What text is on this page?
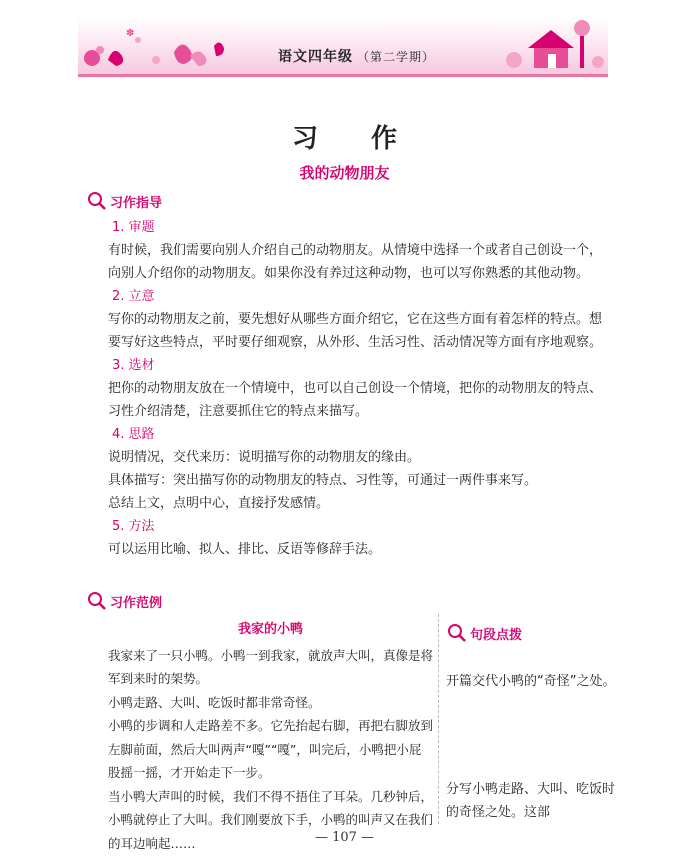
✽
语文四年级 （第二学期）
习 作
我的动物朋友
习作指导
1. 审题

有时候，我们需要向别人介绍自己的动物朋友。从情境中选择一个或者自己创设一个，向别人介绍你的动物朋友。如果你没有养过这种动物，也可以写你熟悉的其他动物。

2. 立意

写你的动物朋友之前，要先想好从哪些方面介绍它，它在这些方面有着怎样的特点。想要写好这些特点，平时要仔细观察，从外形、生活习性、活动情况等方面有序地观察。

3. 选材

把你的动物朋友放在一个情境中，也可以自己创设一个情境，把你的动物朋友的特点、习性介绍清楚，注意要抓住它的特点来描写。

4. 思路

说明情况，交代来历：说明描写你的动物朋友的缘由。

具体描写：突出描写你的动物朋友的特点、习性等，可通过一两件事来写。

总结上文，点明中心，直接抒发感情。

5. 方法

可以运用比喻、拟人、排比、反语等修辞手法。

习作范例
我家的小鸭

我家来了一只小鸭。小鸭一到我家，就放声大叫，真像是将军到来时的架势。

小鸭走路、大叫、吃饭时都非常奇怪。

小鸭的步调和人走路差不多。它先抬起右脚，再把右脚放到左脚前面，然后大叫两声“嘎”“嘎”，叫完后，小鸭把小屁股摇一摇，才开始走下一步。

当小鸭大声叫的时候，我们不得不捂住了耳朵。几秒钟后，小鸭就停止了大叫。我们刚要放下手，小鸭的叫声又在我们的耳边响起……

句段点拨
开篇交代小鸭的“奇怪”之处。
分写小鸭走路、大叫、吃饭时的奇怪之处。这部
— 107 —
